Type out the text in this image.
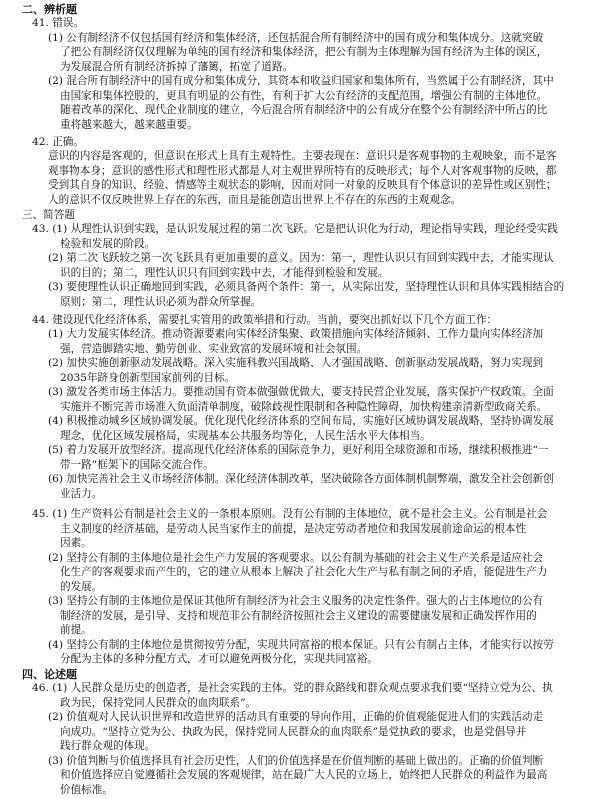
二、辨析题
41. 错误。
(1) 公有制经济不仅包括国有经济和集体经济，还包括混合所有制经济中的国有成分和集体成分。这就突破
了把公有制经济仅仅理解为单纯的国有经济和集体经济，把公有制为主体理解为国有经济为主体的误区，
为发展混合所有制经济拆掉了藩篱，拓宽了道路。
(2) 混合所有制经济中的国有成分和集体成分，其资本和收益归国家和集体所有，当然属于公有制经济，其中
由国家和集体控股的，更具有明显的公有性，有利于扩大公有经济的支配范围，增强公有制的主体地位。
随着改革的深化、现代企业制度的建立，今后混合所有制经济中的公有成分在整个公有制经济中所占的比
重将越来越大，越来越重要。
42. 正确。
意识的内容是客观的，但意识在形式上具有主观特性。主要表现在：意识只是客观事物的主观映象，而不是客
观事物本身；意识的感性形式和理性形式都是人对主观世界所特有的反映形式；每个人对客观事物的反映，都
受到其自身的知识、经验、情感等主观状态的影响，因而对同一对象的反映具有个体意识的差异性或区别性；
人的意识不仅反映世界上存在的东西，而且是能创造出世界上不存在的东西的主观观念。
三、简答题
43. (1) 从理性认识到实践，是认识发展过程的第二次飞跃。它是把认识化为行动，理论指导实践，理论经受实践
检验和发展的阶段。
(2) 第二次飞跃较之第一次飞跃具有更加重要的意义。因为：第一，理性认识只有回到实践中去，才能实现认
识的目的；第二，理性认识只有回到实践中去，才能得到检验和发展。
(3) 要使理性认识正确地回到实践，必须具备两个条件：第一，从实际出发，坚持理性认识和具体实践相结合的
原则；第二，理性认识必须为群众所掌握。
44. 建设现代化经济体系，需要扎实管用的政策举措和行动。当前，要突出抓好以下几个方面工作：
(1) 大力发展实体经济。推动资源要素向实体经济集聚、政策措施向实体经济倾斜、工作力量向实体经济加
强，营造脚踏实地、勤劳创业、实业致富的发展环境和社会氛围。
(2) 加快实施创新驱动发展战略。深入实施科教兴国战略、人才强国战略、创新驱动发展战略，努力实现到
2035年跻身创新型国家前列的目标。
(3) 激发各类市场主体活力。要推动国有资本做强做优做大，要支持民营企业发展，落实保护产权政策。全面
实施并不断完善市场准入负面清单制度，破除歧视性限制和各种隐性障碍，加快构建亲清新型政商关系。
(4) 积极推动城乡区域协调发展。优化现代化经济体系的空间布局，实施好区域协调发展战略，坚持协调发展
理念，优化区域发展格局，实现基本公共服务均等化，人民生活水平大体相当。
(5) 着力发展开放型经济。提高现代化经济体系的国际竞争力，更好利用全球资源和市场，继续积极推进“一
带一路”框架下的国际交流合作。
(6) 加快完善社会主义市场经济体制。深化经济体制改革，坚决破除各方面体制机制弊端，激发全社会创新创
业活力。
45. (1) 生产资料公有制是社会主义的一条根本原则。没有公有制的主体地位，就不是社会主义。公有制是社会
主义制度的经济基础，是劳动人民当家作主的前提，是决定劳动者地位和我国发展前途命运的根本性
因素。
(2) 坚持公有制的主体地位是社会生产力发展的客观要求。以公有制为基础的社会主义生产关系是适应社会
化生产的客观要求而产生的，它的建立从根本上解决了社会化大生产与私有制之间的矛盾，能促进生产力
的发展。
(3) 坚持公有制的主体地位是保证其他所有制经济为社会主义服务的决定性条件。强大的占主体地位的公有
制经济的发展，是引导、支持和规范非公有制经济按照社会主义建设的需要健康发展和正确发挥作用的
前提。
(4) 坚持公有制的主体地位是贯彻按劳分配，实现共同富裕的根本保证。只有公有制占主体，才能实行以按劳
分配为主体的多种分配方式，才可以避免两极分化，实现共同富裕。
四、论述题
46. (1) 人民群众是历史的创造者，是社会实践的主体。党的群众路线和群众观点要求我们要“坚持立党为公、执
政为民，保持党同人民群众的血肉联系”。
(2) 价值观对人民认识世界和改造世界的活动具有重要的导向作用，正确的价值观能促进人们的实践活动走
向成功。“坚持立党为公、执政为民，保持党同人民群众的血肉联系”是党执政的要求，也是党倡导并
践行群众观的体现。
(3) 价值判断与价值选择具有社会历史性，人们的价值选择是在价值判断的基础上做出的。正确的价值判断
和价值选择应自觉遵循社会发展的客观规律，站在最广大人民的立场上，始终把人民群众的利益作为最高
价值标准。
